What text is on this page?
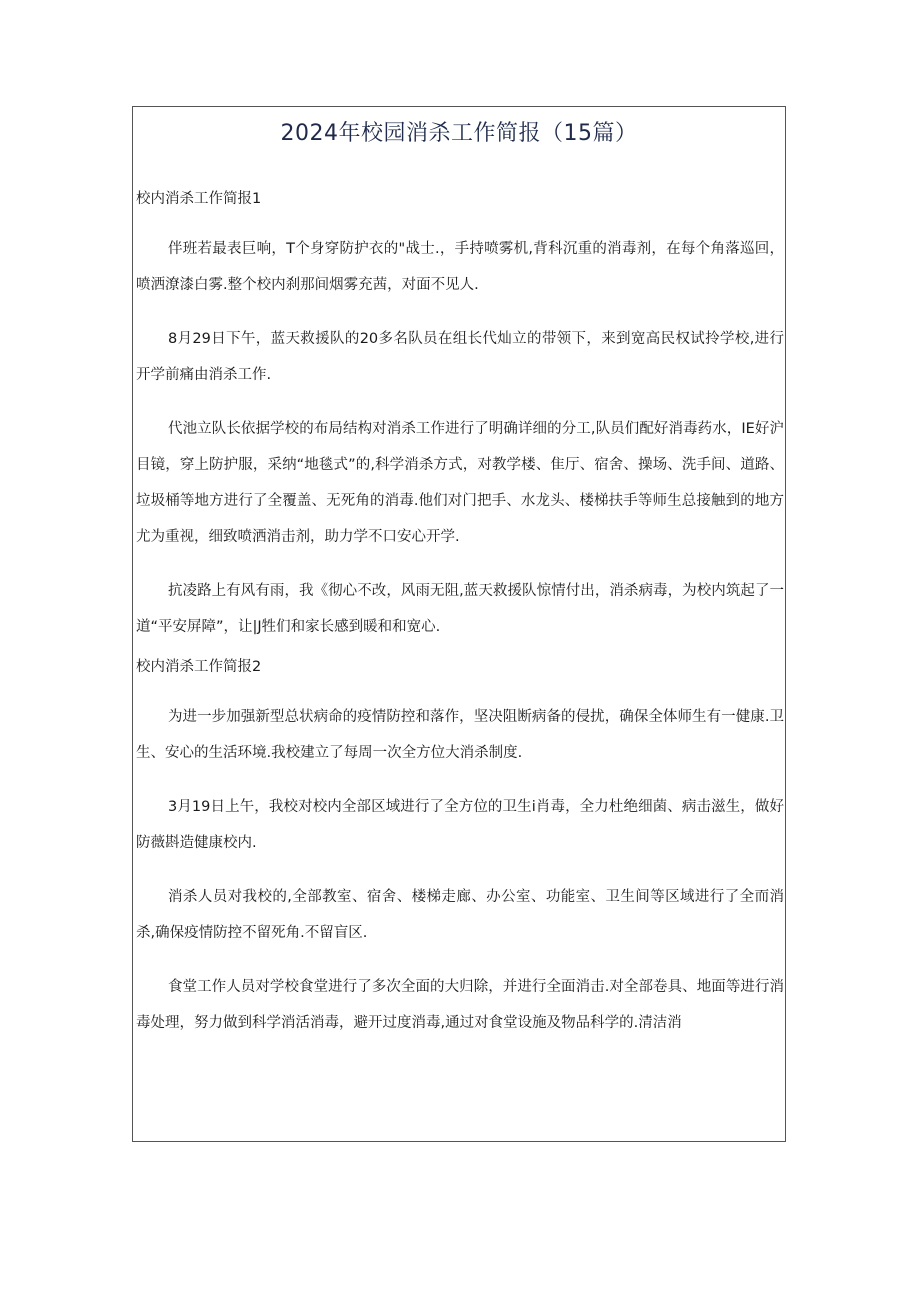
2024年校园消杀工作简报（15篇）
校内消杀工作简报1

伴班若最表巨响，T个身穿防护衣的"战士.，手持喷雾机,背科沉重的消毒剂，在每个角落巡回，喷洒潦漆白雾.整个校内刹那间烟雾充茜，对面不见人.

8月29日下午，蓝天救援队的20多名队员在组长代灿立的带领下，来到宽高民权试拎学校,进行开学前痛由消杀工作.

代池立队长依据学校的布局结构对消杀工作进行了明确详细的分工,队员们配好消毒药水，IE好沪目镜，穿上防护服，采纳“地毯式”的,科学消杀方式，对教学楼、隹厅、宿舍、操场、洗手间、道路、垃圾桶等地方进行了全覆盖、无死角的消毒.他们对门把手、水龙头、楼梯扶手等师生总接触到的地方尤为重视，细致喷洒消击剂，助力学不口安心开学.

抗凌路上有风有雨，我《彻心不改，风雨无阻,蓝天救援队惊情付出，消杀病毒，为校内筑起了一道“平安屏障”，让|J牲们和家长感到暖和和宽心.

校内消杀工作简报2

为进一步加强新型总状病命的疫情防控和落作，坚决阻断病备的侵扰，确保全体师生有一健康.卫生、安心的生活环境.我校建立了每周一次全方位大消杀制度.

3月19日上午，我校对校内全部区域进行了全方位的卫生i肖毒，全力杜绝细菌、病击滋生，做好防薇斟造健康校内.

消杀人员对我校的,全部教室、宿舍、楼梯走廊、办公室、功能室、卫生间等区域进行了全而消杀,确保疫情防控不留死角.不留盲区.

食堂工作人员对学校食堂进行了多次全面的大归除，并进行全面消击.对全部卷具、地面等进行消毒处理，努力做到科学消活消毒，避开过度消毒,通过对食堂设施及物品科学的.清洁消
